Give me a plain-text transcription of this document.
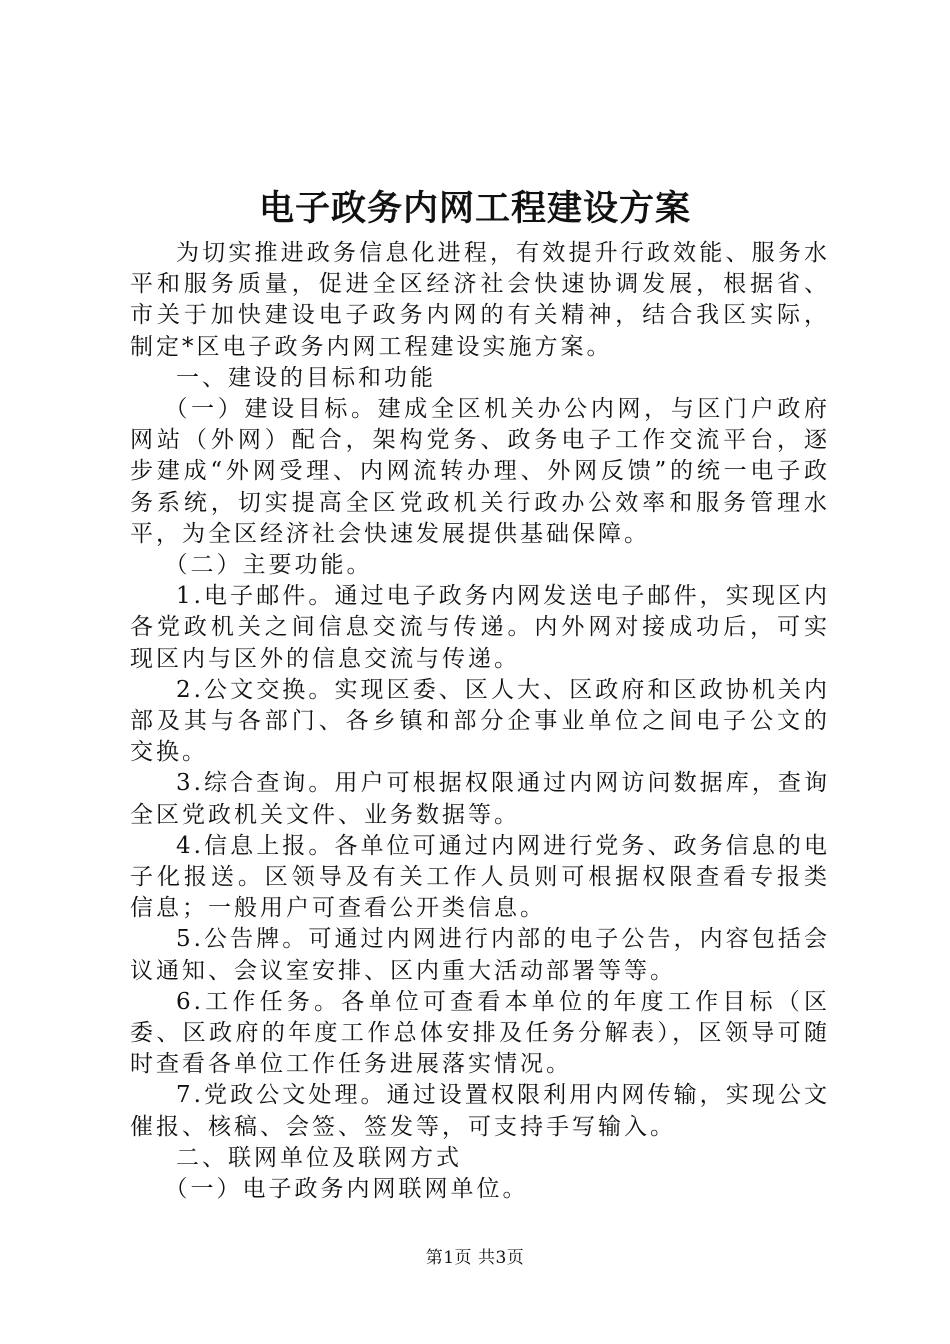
电子政务内网工程建设方案

为切实推进政务信息化进程，有效提升行政效能、服务水平和服务质量，促进全区经济社会快速协调发展，根据省、市关于加快建设电子政务内网的有关精神，结合我区实际，制定*区电子政务内网工程建设实施方案。

一、建设的目标和功能

（一）建设目标。建成全区机关办公内网，与区门户政府网站（外网）配合，架构党务、政务电子工作交流平台，逐步建成“外网受理、内网流转办理、外网反馈”的统一电子政务系统，切实提高全区党政机关行政办公效率和服务管理水平，为全区经济社会快速发展提供基础保障。

（二）主要功能。

1.电子邮件。通过电子政务内网发送电子邮件，实现区内各党政机关之间信息交流与传递。内外网对接成功后，可实现区内与区外的信息交流与传递。

2.公文交换。实现区委、区人大、区政府和区政协机关内部及其与各部门、各乡镇和部分企事业单位之间电子公文的交换。

3.综合查询。用户可根据权限通过内网访问数据库，查询全区党政机关文件、业务数据等。

4.信息上报。各单位可通过内网进行党务、政务信息的电子化报送。区领导及有关工作人员则可根据权限查看专报类信息；一般用户可查看公开类信息。

5.公告牌。可通过内网进行内部的电子公告，内容包括会议通知、会议室安排、区内重大活动部署等等。

6.工作任务。各单位可查看本单位的年度工作目标（区委、区政府的年度工作总体安排及任务分解表），区领导可随时查看各单位工作任务进展落实情况。

7.党政公文处理。通过设置权限利用内网传输，实现公文催报、核稿、会签、签发等，可支持手写输入。

二、联网单位及联网方式

（一）电子政务内网联网单位。

第1页 共3页
